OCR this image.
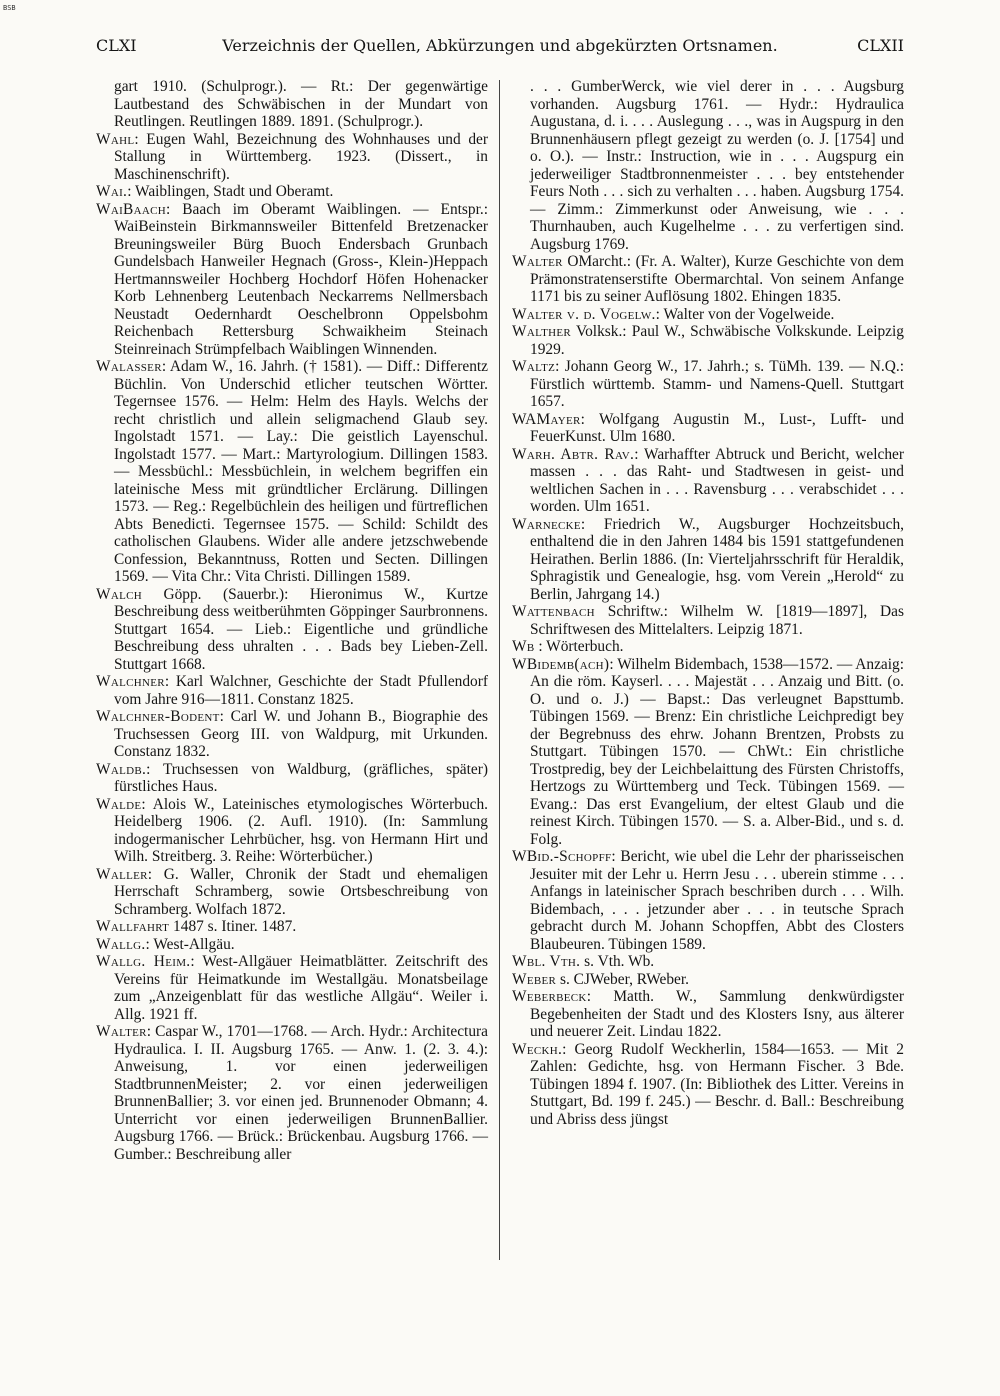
BSB
CLXI	Verzeichnis der Quellen, Abkürzungen und abgekürzten Ortsnamen.	CLXII

gart 1910. (Schulprogr.). — Rt.: Der gegenwärtige Lautbestand des Schwäbischen in der Mundart von Reutlingen. Reutlingen 1889. 1891. (Schulprogr.).

Wahl: Eugen Wahl, Bezeichnung des Wohnhauses und der Stallung in Württemberg. 1923. (Dissert., in Maschinenschrift).

Wai.: Waiblingen, Stadt und Oberamt.

WaiBaach: Baach im Oberamt Waiblingen. — Entspr.: WaiBeinstein Birkmannsweiler Bittenfeld Bretzenacker Breuningsweiler Bürg Buoch Endersbach Grunbach Gundelsbach Hanweiler Hegnach (Gross-, Klein-)Heppach Hertmannsweiler Hochberg Hochdorf Höfen Hohenacker Korb Lehnenberg Leutenbach Neckarrems Nellmersbach Neustadt Oedernhardt Oeschelbronn Oppelsbohm Reichenbach Rettersburg Schwaikheim Steinach Steinreinach Strümpfelbach Waiblingen Winnenden.

Walasser: Adam W., 16. Jahrh. († 1581). — Diff.: Differentz Büchlin. Von Underschid etlicher teutschen Wörtter. Tegernsee 1576. — Helm: Helm des Hayls. Welchs der recht christlich und allein seligmachend Glaub sey. Ingolstadt 1571. — Lay.: Die geistlich Layenschul. Ingolstadt 1577. — Mart.: Martyrologium. Dillingen 1583. — Messbüchl.: Messbüchlein, in welchem begriffen ein lateinische Mess mit gründtlicher Erclärung. Dillingen 1573. — Reg.: Regelbüchlein des heiligen und fürtreflichen Abts Benedicti. Tegernsee 1575. — Schild: Schildt des catholischen Glaubens. Wider alle andere jetzschwebende Confession, Bekanntnuss, Rotten und Secten. Dillingen 1569. — Vita Chr.: Vita Christi. Dillingen 1589.

Walch Göpp. (Sauerbr.): Hieronimus W., Kurtze Beschreibung dess weitberühmten Göppinger Saurbronnens. Stuttgart 1654. — Lieb.: Eigentliche und gründliche Beschreibung dess uhralten . . . Bads bey Lieben-Zell. Stuttgart 1668.

Walchner: Karl Walchner, Geschichte der Stadt Pfullendorf vom Jahre 916—1811. Constanz 1825.

Walchner-Bodent: Carl W. und Johann B., Biographie des Truchsessen Georg III. von Waldpurg, mit Urkunden. Constanz 1832.

Waldb.: Truchsessen von Waldburg, (gräfliches, später) fürstliches Haus.

Walde: Alois W., Lateinisches etymologisches Wörterbuch. Heidelberg 1906. (2. Aufl. 1910). (In: Sammlung indogermanischer Lehrbücher, hsg. von Hermann Hirt und Wilh. Streitberg. 3. Reihe: Wörterbücher.)

Waller: G. Waller, Chronik der Stadt und ehemaligen Herrschaft Schramberg, sowie Ortsbeschreibung von Schramberg. Wolfach 1872.

Wallfahrt 1487 s. Itiner. 1487.

Wallg.: West-Allgäu.

Wallg. Heim.: West-Allgäuer Heimatblätter. Zeitschrift des Vereins für Heimatkunde im Westallgäu. Monatsbeilage zum „Anzeigenblatt für das westliche Allgäu“. Weiler i. Allg. 1921 ff.

Walter: Caspar W., 1701—1768. — Arch. Hydr.: Architectura Hydraulica. I. II. Augsburg 1765. — Anw. 1. (2. 3. 4.): Anweisung, 1. vor einen jederweiligen StadtbrunnenMeister; 2. vor einen jederweiligen BrunnenBallier; 3. vor einen jed. Brunnenoder Obmann; 4. Unterricht vor einen jederweiligen BrunnenBallier. Augsburg 1766. — Brück.: Brückenbau. Augsburg 1766. — Gumber.: Beschreibung aller

. . . GumberWerck, wie viel derer in . . . Augsburg vorhanden. Augsburg 1761. — Hydr.: Hydraulica Augustana, d. i. . . . Auslegung . . ., was in Augspurg in den Brunnenhäusern pflegt gezeigt zu werden (o. J. [1754] und o. O.). — Instr.: Instruction, wie in . . . Augspurg ein jederweiliger Stadtbronnenmeister . . . bey entstehender Feurs Noth . . . sich zu verhalten . . . haben. Augsburg 1754. — Zimm.: Zimmerkunst oder Anweisung, wie . . . Thurnhauben, auch Kugelhelme . . . zu verfertigen sind. Augsburg 1769.

Walter OMarcht.: (Fr. A. Walter), Kurze Geschichte von dem Prämonstratenserstifte Obermarchtal. Von seinem Anfange 1171 bis zu seiner Auflösung 1802. Ehingen 1835.

Walter v. d. Vogelw.: Walter von der Vogelweide.

Walther Volksk.: Paul W., Schwäbische Volkskunde. Leipzig 1929.

Waltz: Johann Georg W., 17. Jahrh.; s. TüMh. 139. — N.Q.: Fürstlich württemb. Stamm- und Namens-Quell. Stuttgart 1657.

WAMayer: Wolfgang Augustin M., Lust-, Lufft- und FeuerKunst. Ulm 1680.

Warh. Abtr. Rav.: Warhaffter Abtruck und Bericht, welcher massen . . . das Raht- und Stadtwesen in geist- und weltlichen Sachen in . . . Ravensburg . . . verabschidet . . . worden. Ulm 1651.

Warnecke: Friedrich W., Augsburger Hochzeitsbuch, enthaltend die in den Jahren 1484 bis 1591 stattgefundenen Heirathen. Berlin 1886. (In: Vierteljahrsschrift für Heraldik, Sphragistik und Genealogie, hsg. vom Verein „Herold“ zu Berlin, Jahrgang 14.)

Wattenbach Schriftw.: Wilhelm W. [1819—1897], Das Schriftwesen des Mittelalters. Leipzig 1871.

Wb : Wörterbuch.

WBidemb(ach): Wilhelm Bidembach, 1538—1572. — Anzaig: An die röm. Kayserl. . . . Majestät . . . Anzaig und Bitt. (o. O. und o. J.) — Bapst.: Das verleugnet Bapsttumb. Tübingen 1569. — Brenz: Ein christliche Leichpredigt bey der Begrebnuss des ehrw. Johann Brentzen, Probsts zu Stuttgart. Tübingen 1570. — ChWt.: Ein christliche Trostpredig, bey der Leichbelaittung des Fürsten Christoffs, Hertzogs zu Württemberg und Teck. Tübingen 1569. — Evang.: Das erst Evangelium, der eltest Glaub und die reinest Kirch. Tübingen 1570. — S. a. Alber-Bid., und s. d. Folg.

WBid.-Schopff: Bericht, wie ubel die Lehr der pharisseischen Jesuiter mit der Lehr u. Herrn Jesu . . . uberein stimme . . . Anfangs in lateinischer Sprach beschriben durch . . . Wilh. Bidembach, . . . jetzunder aber . . . in teutsche Sprach gebracht durch M. Johann Schopffen, Abbt des Closters Blaubeuren. Tübingen 1589.

Wbl. Vth. s. Vth. Wb.

Weber s. CJWeber, RWeber.

Weberbeck: Matth. W., Sammlung denkwürdigster Begebenheiten der Stadt und des Klosters Isny, aus älterer und neuerer Zeit. Lindau 1822.

Weckh.: Georg Rudolf Weckherlin, 1584—1653. — Mit 2 Zahlen: Gedichte, hsg. von Hermann Fischer. 3 Bde. Tübingen 1894 f. 1907. (In: Bibliothek des Litter. Vereins in Stuttgart, Bd. 199 f. 245.) — Beschr. d. Ball.: Beschreibung und Abriss dess jüngst
